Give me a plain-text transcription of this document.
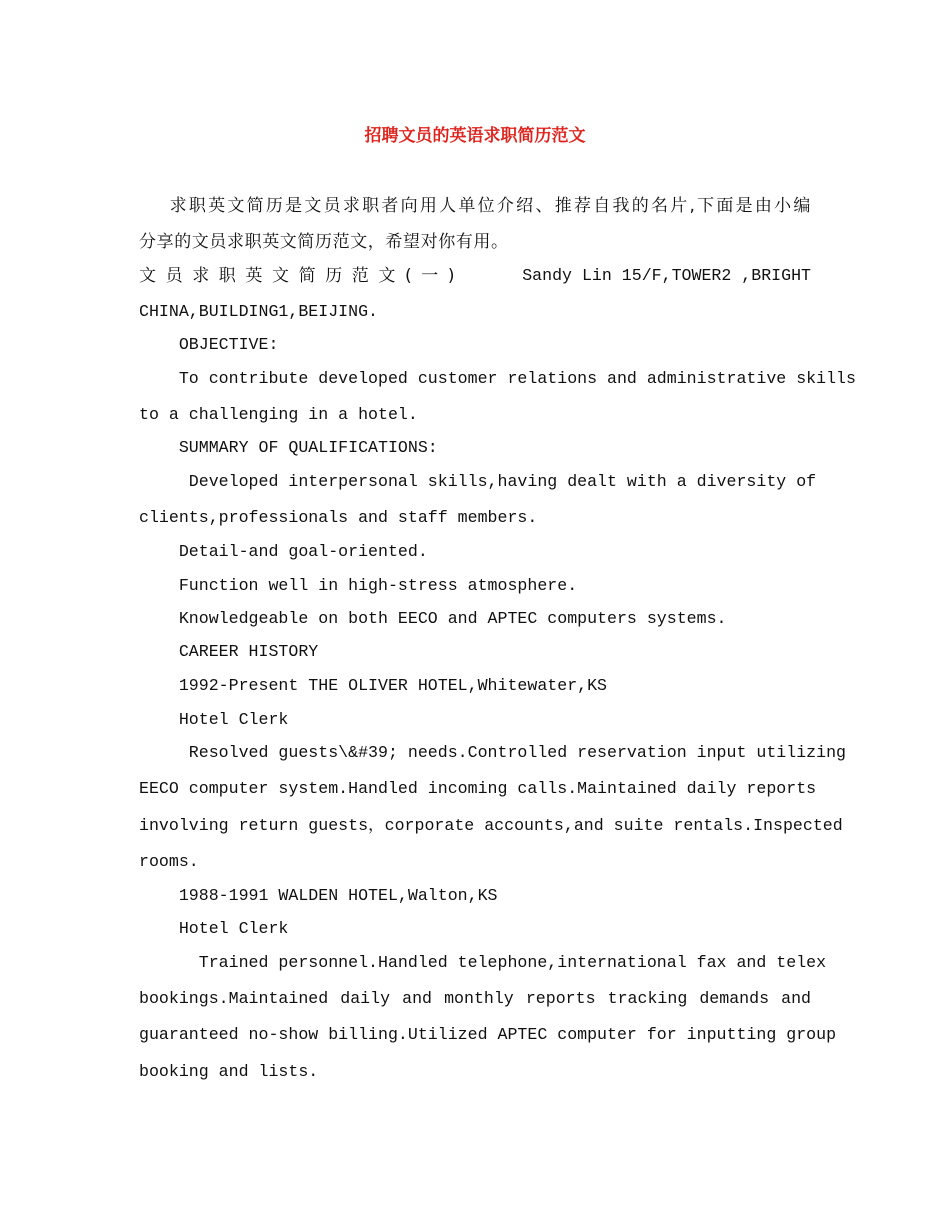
招聘文员的英语求职简历范文
求职英文简历是文员求职者向用人单位介绍、推荐自我的名片,下面是由小编
分享的文员求职英文简历范文，希望对你有用。
文员求职英文简历范文(一)	Sandy Lin 15/F,TOWER2 ,BRIGHT
CHINA,BUILDING1,BEIJING.
OBJECTIVE:
To contribute developed customer relations and administrative skills
to a challenging in a hotel.
SUMMARY OF QUALIFICATIONS:
Developed interpersonal skills,having dealt with a diversity of
clients,professionals and staff members.
Detail-and goal-oriented.
Function well in high-stress atmosphere.
Knowledgeable on both EECO and APTEC computers systems.
CAREER HISTORY
1992-Present THE OLIVER HOTEL,Whitewater,KS
Hotel Clerk
Resolved guests\&#39; needs.Controlled reservation input utilizing
EECO computer system.Handled incoming calls.Maintained daily reports
involving return guests，corporate accounts,and suite rentals.Inspected
rooms.
1988-1991 WALDEN HOTEL,Walton,KS
Hotel Clerk
Trained personnel.Handled telephone,international fax and telex
bookings.Maintained daily and monthly reports tracking demands and
guaranteed no-show billing.Utilized APTEC computer for inputting group
booking and lists.
